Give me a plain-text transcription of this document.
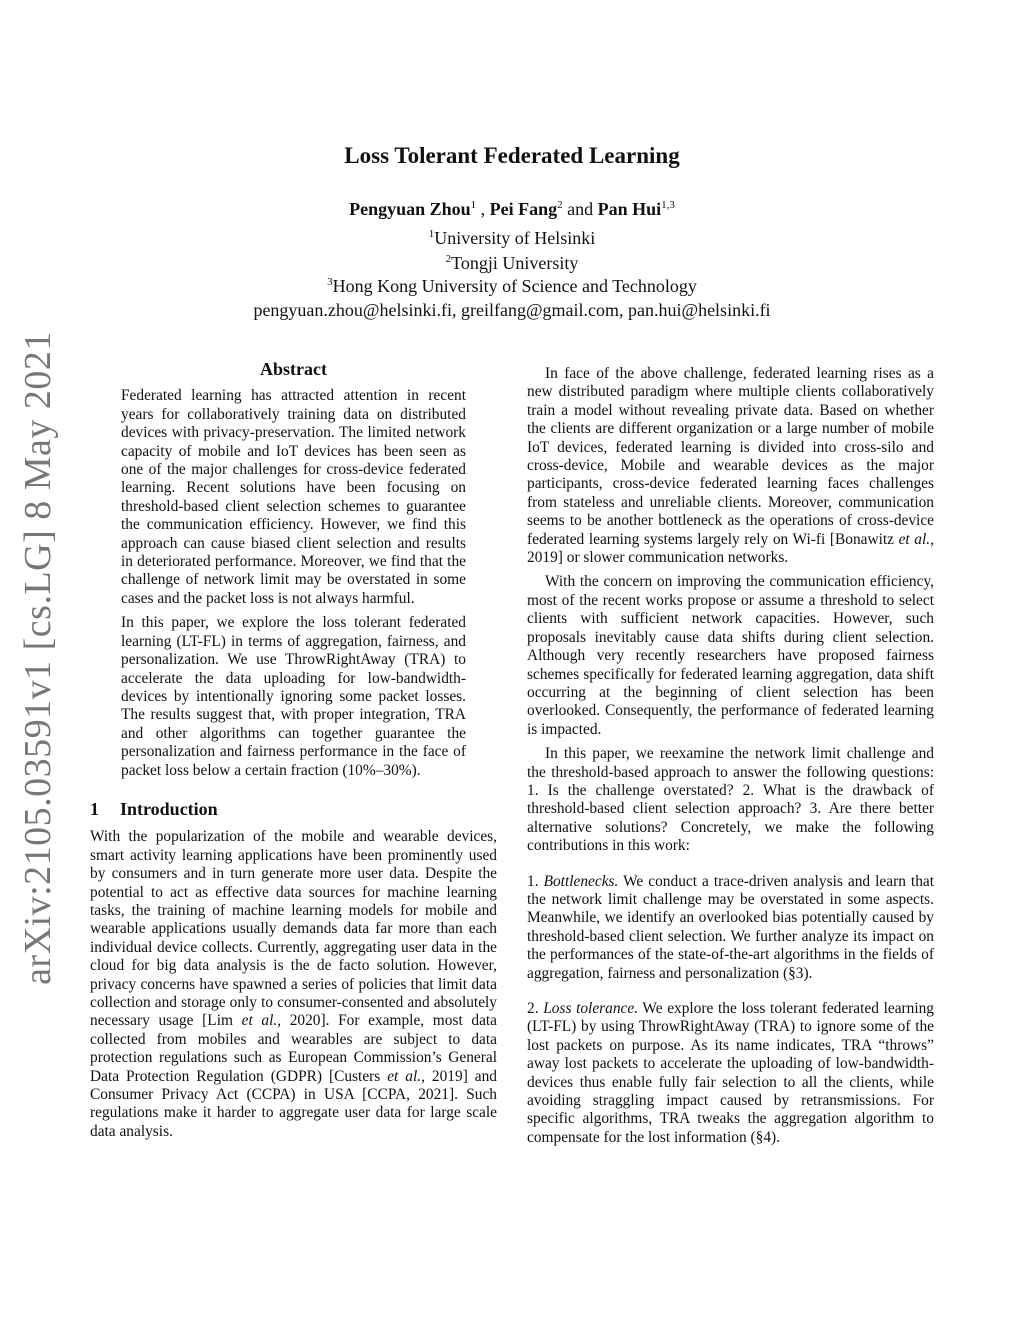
arXiv:2105.03591v1 [cs.LG] 8 May 2021
Loss Tolerant Federated Learning
Pengyuan Zhou$^1$ , Pei Fang$^2$ and Pan Hui$^{1,3}$
$^1$University of Helsinki
$^2$Tongji University
$^3$Hong Kong University of Science and Technology
pengyuan.zhou@helsinki.fi, greilfang@gmail.com, pan.hui@helsinki.fi

Abstract

Federated learning has attracted attention in recent years for collaboratively training data on distributed devices with privacy-preservation. The limited network capacity of mobile and IoT devices has been seen as one of the major challenges for cross-device federated learning. Recent solutions have been focusing on threshold-based client selection schemes to guarantee the communication efficiency. However, we find this approach can cause biased client selection and results in deteriorated performance. Moreover, we find that the challenge of network limit may be overstated in some cases and the packet loss is not always harmful.

In this paper, we explore the loss tolerant federated learning (LT-FL) in terms of aggregation, fairness, and personalization. We use ThrowRightAway (TRA) to accelerate the data uploading for low-bandwidth-devices by intentionally ignoring some packet losses. The results suggest that, with proper integration, TRA and other algorithms can together guarantee the personalization and fairness performance in the face of packet loss below a certain fraction (10%–30%).

1 Introduction

With the popularization of the mobile and wearable devices, smart activity learning applications have been prominently used by consumers and in turn generate more user data. Despite the potential to act as effective data sources for machine learning tasks, the training of machine learning models for mobile and wearable applications usually demands data far more than each individual device collects. Currently, aggregating user data in the cloud for big data analysis is the de facto solution. However, privacy concerns have spawned a series of policies that limit data collection and storage only to consumer-consented and absolutely necessary usage [Lim et al., 2020]. For example, most data collected from mobiles and wearables are subject to data protection regulations such as European Commission’s General Data Protection Regulation (GDPR) [Custers et al., 2019] and Consumer Privacy Act (CCPA) in USA [CCPA, 2021]. Such regulations make it harder to aggregate user data for large scale data analysis.

In face of the above challenge, federated learning rises as a new distributed paradigm where multiple clients collaboratively train a model without revealing private data. Based on whether the clients are different organization or a large number of mobile IoT devices, federated learning is divided into cross-silo and cross-device, Mobile and wearable devices as the major participants, cross-device federated learning faces challenges from stateless and unreliable clients. Moreover, communication seems to be another bottleneck as the operations of cross-device federated learning systems largely rely on Wi-fi [Bonawitz et al., 2019] or slower communication networks.

With the concern on improving the communication efficiency, most of the recent works propose or assume a threshold to select clients with sufficient network capacities. However, such proposals inevitably cause data shifts during client selection. Although very recently researchers have proposed fairness schemes specifically for federated learning aggregation, data shift occurring at the beginning of client selection has been overlooked. Consequently, the performance of federated learning is impacted.

In this paper, we reexamine the network limit challenge and the threshold-based approach to answer the following questions: 1. Is the challenge overstated? 2. What is the drawback of threshold-based client selection approach? 3. Are there better alternative solutions? Concretely, we make the following contributions in this work:

1. Bottlenecks. We conduct a trace-driven analysis and learn that the network limit challenge may be overstated in some aspects. Meanwhile, we identify an overlooked bias potentially caused by threshold-based client selection. We further analyze its impact on the performances of the state-of-the-art algorithms in the fields of aggregation, fairness and personalization (§3).

2. Loss tolerance. We explore the loss tolerant federated learning (LT-FL) by using ThrowRightAway (TRA) to ignore some of the lost packets on purpose. As its name indicates, TRA “throws” away lost packets to accelerate the uploading of low-bandwidth-devices thus enable fully fair selection to all the clients, while avoiding straggling impact caused by retransmissions. For specific algorithms, TRA tweaks the aggregation algorithm to compensate for the lost information (§4).
